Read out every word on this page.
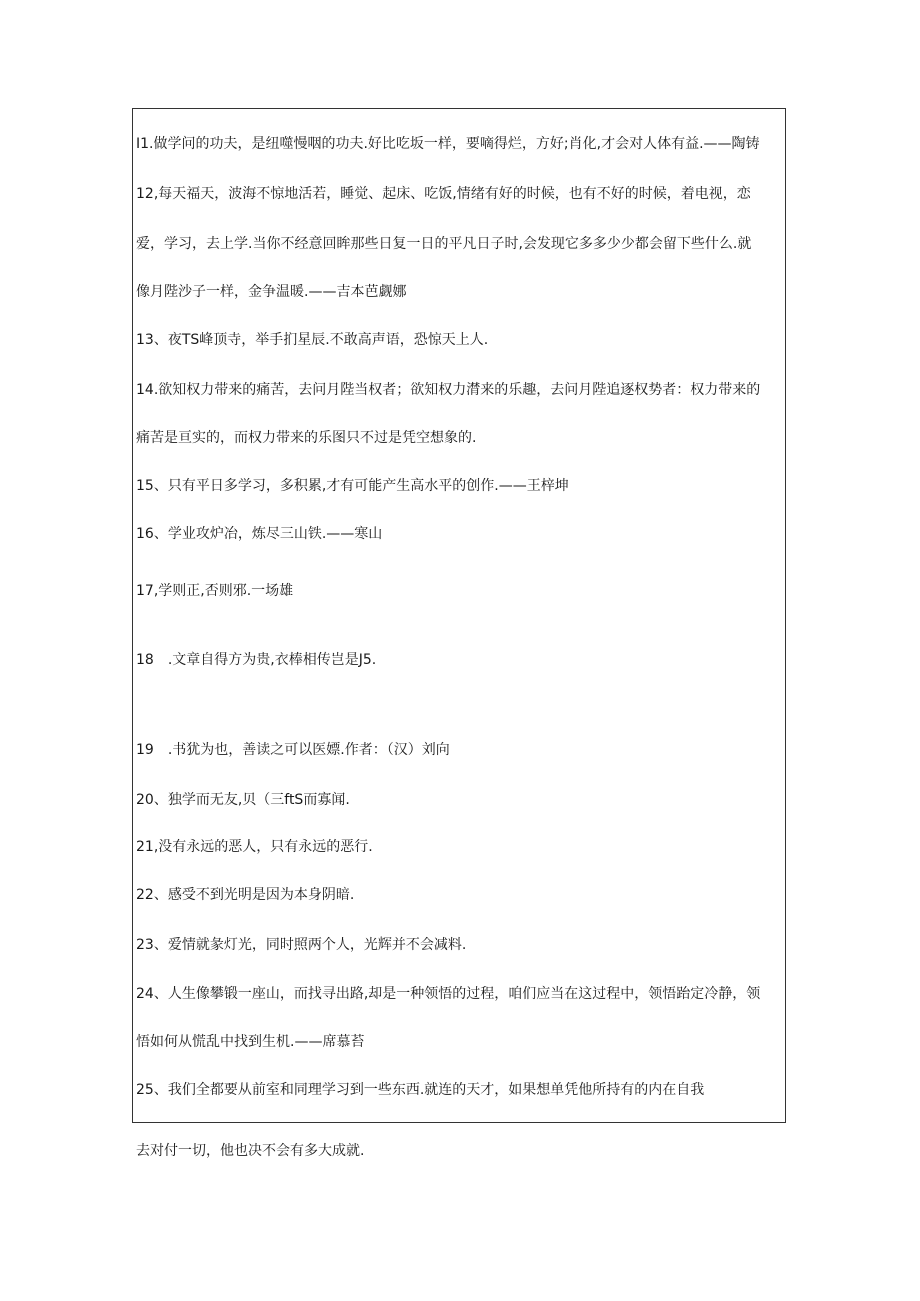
I1.做学问的功夫，是纽噬慢咽的功夫.好比吃坂一样，要嘀得烂，方好;肖化,才会对人体有益.——陶铸
12,每天福天，波海不惊地活若，睡觉、起床、吃饭,情绪有好的时候，也有不好的时候，着电视，恋
爱，学习，去上学.当你不经意回眸那些日复一日的平凡日子时,会发现它多多少少都会留下些什么.就
像月陛沙子一样，金争温暖.——吉本芭觑娜
13、夜TS峰顶寺，举手扪星辰.不敢高声语，恐惊天上人.
14.欲知权力带来的痛苦，去问月陛当权者；欲知权力潸来的乐趣，去问月陛追逐权势者：权力带来的
痛苦是亘实的，而权力带来的乐图只不过是凭空想象的.
15、只有平日多学习，多积累,才有可能产生高水平的创作.——王梓坤
16、学业攻炉冶，炼尽三山铁.——寒山
17,学则正,否则邪.一场雄
18　.文章自得方为贵,衣棒相传岂是J5.
19　.书犹为也，善读之可以医嫖.作者：（汉）刘向
20、独学而无友,贝（三ftS而寡闻.
21,没有永远的恶人，只有永远的恶行.
22、感受不到光明是因为本身阴暗.
23、爱情就彖灯光，同时照两个人，光辉并不会减料.
24、人生像攀锻一座山，而找寻出路,却是一种领悟的过程，咱们应当在这过程中，领悟跆定冷静，领
悟如何从慌乱中找到生机.——席慕苔
25、我们全都要从前室和同理学习到一些东西.就连的天才，如果想单凭他所持有的内在自我
去对付一切，他也决不会有多大成就.
